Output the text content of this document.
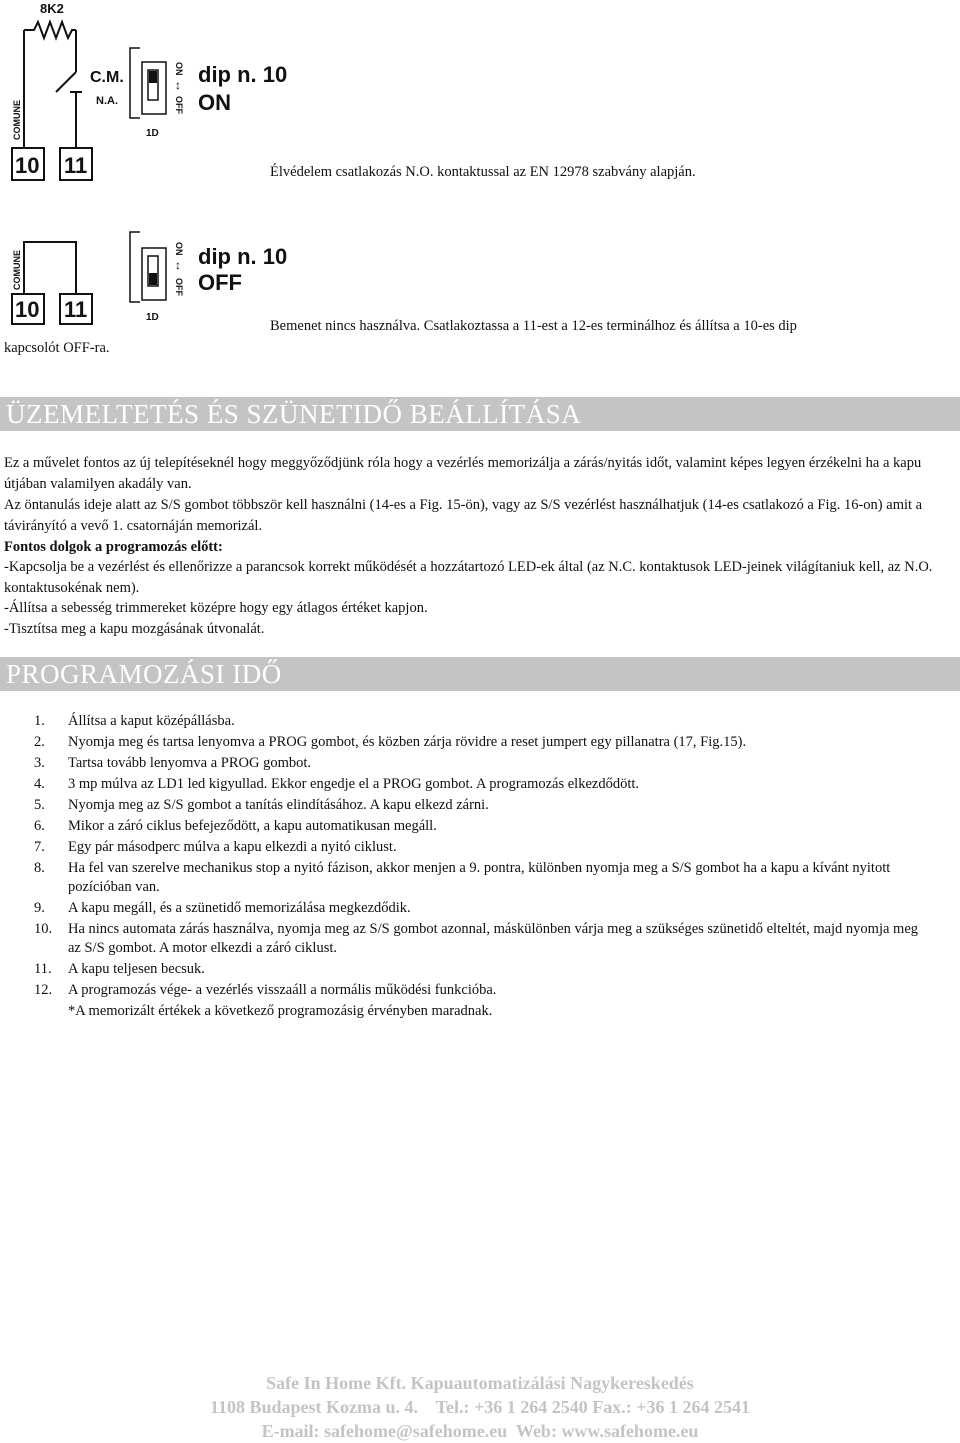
8K2
C.M.
N.A.
COMUNE
10 11
ON
↔
OFF
1D
dip n. 10
ON
Élvédelem csatlakozás N.O. kontaktussal az EN 12978 szabvány alapján.
COMUNE
10 11
ON
↔
OFF
1D
dip n. 10
OFF
Bemenet nincs használva. Csatlakoztassa a 11-est a 12-es terminálhoz és állítsa a 10-es dip
kapcsolót OFF-ra.
ÜZEMELTETÉS ÉS SZÜNETIDŐ BEÁLLÍTÁSA
Ez a művelet fontos az új telepítéseknél hogy meggyőződjünk róla hogy a vezérlés memorizálja a zárás/nyitás időt, valamint képes legyen érzékelni ha a kapu útjában valamilyen akadály van.
Az öntanulás ideje alatt az S/S gombot többször kell használni (14-es a Fig. 15-ön), vagy az S/S vezérlést használhatjuk (14-es csatlakozó a Fig. 16-on) amit a távirányító a vevő 1. csatornáján memorizál.
Fontos dolgok a programozás előtt:
-Kapcsolja be a vezérlést és ellenőrizze a parancsok korrekt működését a hozzátartozó LED-ek által (az N.C. kontaktusok LED-jeinek világítaniuk kell, az N.O. kontaktusokénak nem).
-Állítsa a sebesség trimmereket középre hogy egy átlagos értéket kapjon.
-Tisztítsa meg a kapu mozgásának útvonalát.
PROGRAMOZÁSI IDŐ
1. Állítsa a kaput középállásba.
2. Nyomja meg és tartsa lenyomva a PROG gombot, és közben zárja rövidre a reset jumpert egy pillanatra (17, Fig.15).
3. Tartsa tovább lenyomva a PROG gombot.
4. 3 mp múlva az LD1 led kigyullad. Ekkor engedje el a PROG gombot. A programozás elkezdődött.
5. Nyomja meg az S/S gombot a tanítás elindításához. A kapu elkezd zárni.
6. Mikor a záró ciklus befejeződött, a kapu automatikusan megáll.
7. Egy pár másodperc múlva a kapu elkezdi a nyitó ciklust.
8. Ha fel van szerelve mechanikus stop a nyitó fázison, akkor menjen a 9. pontra, különben nyomja meg a S/S gombot ha a kapu a kívánt nyitott pozícióban van.
9. A kapu megáll, és a szünetidő memorizálása megkezdődik.
10. Ha nincs automata zárás használva, nyomja meg az S/S gombot azonnal, máskülönben várja meg a szükséges szünetidő elteltét, majd nyomja meg az S/S gombot. A motor elkezdi a záró ciklust.
11. A kapu teljesen becsuk.
12. A programozás vége- a vezérlés visszaáll a normális működési funkcióba.
*A memorizált értékek a következő programozásig érvényben maradnak.
Safe In Home Kft. Kapuautomatizálási Nagykereskedés
1108 Budapest Kozma u. 4.    Tel.: +36 1 264 2540 Fax.: +36 1 264 2541
E-mail: safehome@safehome.eu  Web: www.safehome.eu
